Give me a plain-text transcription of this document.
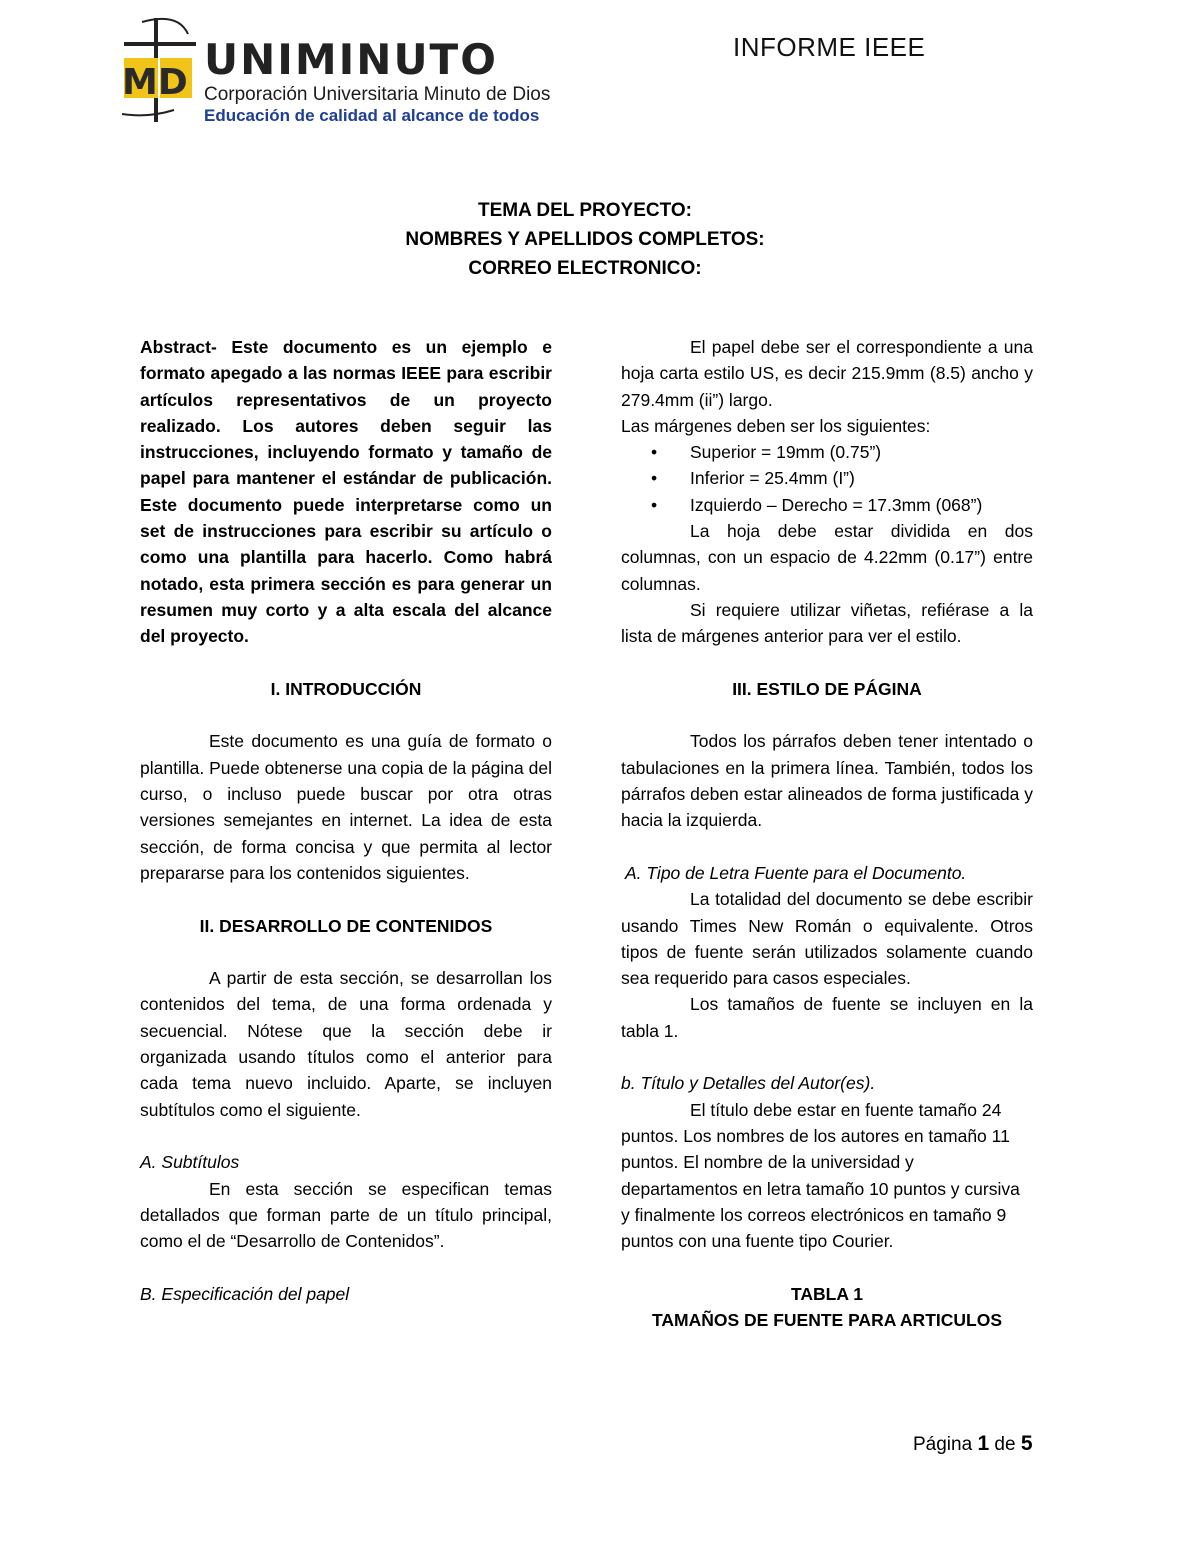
MD UNIMINUTO
Corporación Universitaria Minuto de Dios
Educación de calidad al alcance de todos
INFORME IEEE
TEMA DEL PROYECTO:
NOMBRES Y APELLIDOS COMPLETOS:
CORREO ELECTRONICO:

Abstract- Este documento es un ejemplo e formato apegado a las normas IEEE para escribir artículos representativos de un proyecto realizado. Los autores deben seguir las instrucciones, incluyendo formato y tamaño de papel para mantener el estándar de publicación. Este documento puede interpretarse como un set de instrucciones para escribir su artículo o como una plantilla para hacerlo. Como habrá notado, esta primera sección es para generar un resumen muy corto y a alta escala del alcance del proyecto.

I. INTRODUCCIÓN

Este documento es una guía de formato o plantilla. Puede obtenerse una copia de la página del curso, o incluso puede buscar por otra otras versiones semejantes en internet. La idea de esta sección, de forma concisa y que permita al lector prepararse para los contenidos siguientes.

II. DESARROLLO DE CONTENIDOS

A partir de esta sección, se desarrollan los contenidos del tema, de una forma ordenada y secuencial. Nótese que la sección debe ir organizada usando títulos como el anterior para cada tema nuevo incluido. Aparte, se incluyen subtítulos como el siguiente.

A. Subtítulos

En esta sección se especifican temas detallados que forman parte de un título principal, como el de “Desarrollo de Contenidos”.

B. Especificación del papel

El papel debe ser el correspondiente a una hoja carta estilo US, es decir 215.9mm (8.5) ancho y 279.4mm (ii”) largo.

Las márgenes deben ser los siguientes:

• Superior = 19mm (0.75”)
• Inferior = 25.4mm (I”)
• Izquierdo – Derecho = 17.3mm (068”)

La hoja debe estar dividida en dos columnas, con un espacio de 4.22mm (0.17”) entre columnas.

Si requiere utilizar viñetas, refiérase a la lista de márgenes anterior para ver el estilo.

III. ESTILO DE PÁGINA

Todos los párrafos deben tener intentado o tabulaciones en la primera línea. También, todos los párrafos deben estar alineados de forma justificada y hacia la izquierda.

A. Tipo de Letra Fuente para el Documento.

La totalidad del documento se debe escribir usando Times New Román o equivalente. Otros tipos de fuente serán utilizados solamente cuando sea requerido para casos especiales.

Los tamaños de fuente se incluyen en la tabla 1.

b. Título y Detalles del Autor(es).

El título debe estar en fuente tamaño 24 puntos. Los nombres de los autores en tamaño 11 puntos. El nombre de la universidad y departamentos en letra tamaño 10 puntos y cursiva y finalmente los correos electrónicos en tamaño 9 puntos con una fuente tipo Courier.

TABLA 1

TAMAÑOS DE FUENTE PARA ARTICULOS

Página 1 de 5
